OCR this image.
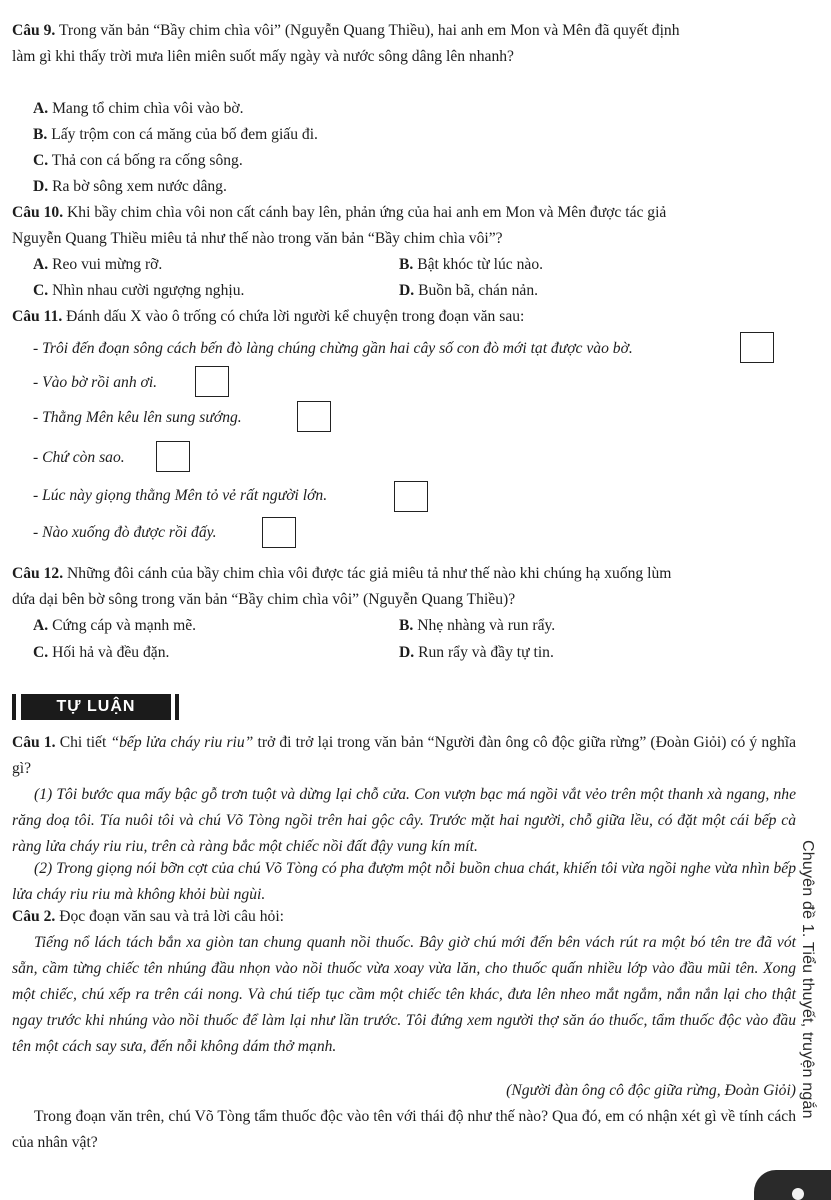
Câu 9. Trong văn bản “Bầy chim chìa vôi” (Nguyễn Quang Thiều), hai anh em Mon và Mên đã quyết định
làm gì khi thấy trời mưa liên miên suốt mấy ngày và nước sông dâng lên nhanh?
A. Mang tổ chim chìa vôi vào bờ.
B. Lấy trộm con cá măng của bố đem giấu đi.
C. Thả con cá bống ra cống sông.
D. Ra bờ sông xem nước dâng.
Câu 10. Khi bầy chim chìa vôi non cất cánh bay lên, phản ứng của hai anh em Mon và Mên được tác giả
Nguyễn Quang Thiều miêu tả như thế nào trong văn bản “Bầy chim chìa vôi”?
A. Reo vui mừng rỡ.	B. Bật khóc từ lúc nào.
C. Nhìn nhau cười ngượng nghịu.	D. Buồn bã, chán nản.
Câu 11. Đánh dấu X vào ô trống có chứa lời người kể chuyện trong đoạn văn sau:
- Trôi đến đoạn sông cách bến đò làng chúng chừng gần hai cây số con đò mới tạt được vào bờ.
- Vào bờ rồi anh ơi.
- Thằng Mên kêu lên sung sướng.
- Chứ còn sao.
- Lúc này giọng thằng Mên tỏ vẻ rất người lớn.
- Nào xuống đò được rồi đấy.
Câu 12. Những đôi cánh của bầy chim chìa vôi được tác giả miêu tả như thế nào khi chúng hạ xuống lùm
dứa dại bên bờ sông trong văn bản “Bầy chim chìa vôi” (Nguyễn Quang Thiều)?
A. Cứng cáp và mạnh mẽ.	B. Nhẹ nhàng và run rẩy.
C. Hối hả và đều đặn.	D. Run rẩy và đầy tự tin.
TỰ LUẬN
Câu 1. Chi tiết “bếp lửa cháy riu riu” trở đi trở lại trong văn bản “Người đàn ông cô độc giữa rừng” (Đoàn Giỏi) có ý nghĩa gì?
(1) Tôi bước qua mấy bậc gỗ trơn tuột và dừng lại chỗ cửa. Con vượn bạc má ngồi vắt vẻo trên một thanh xà ngang, nhe răng doạ tôi. Tía nuôi tôi và chú Võ Tòng ngồi trên hai gộc cây. Trước mặt hai người, chỗ giữa lều, có đặt một cái bếp cà ràng lửa cháy riu riu, trên cà ràng bắc một chiếc nồi đất đậy vung kín mít.
(2) Trong giọng nói bỡn cợt của chú Võ Tòng có pha đượm một nỗi buồn chua chát, khiến tôi vừa ngồi nghe vừa nhìn bếp lửa cháy riu riu mà không khỏi bùi ngùi.
Câu 2. Đọc đoạn văn sau và trả lời câu hỏi:
Tiếng nổ lách tách bắn xa giòn tan chung quanh nồi thuốc. Bây giờ chú mới đến bên vách rút ra một bó tên tre đã vót sẵn, cầm từng chiếc tên nhúng đầu nhọn vào nồi thuốc vừa xoay vừa lăn, cho thuốc quấn nhiều lớp vào đầu mũi tên. Xong một chiếc, chú xếp ra trên cái nong. Và chú tiếp tục cầm một chiếc tên khác, đưa lên nheo mắt ngắm, nắn nắn lại cho thật ngay trước khi nhúng vào nồi thuốc để làm lại như lần trước. Tôi đứng xem người thợ săn áo thuốc, tẩm thuốc độc vào đầu tên một cách say sưa, đến nỗi không dám thở mạnh.
(Người đàn ông cô độc giữa rừng, Đoàn Giỏi)
Trong đoạn văn trên, chú Võ Tòng tẩm thuốc độc vào tên với thái độ như thế nào? Qua đó, em có nhận xét gì về tính cách của nhân vật?
Chuyên đề 1. Tiểu thuyết, truyện ngắn
